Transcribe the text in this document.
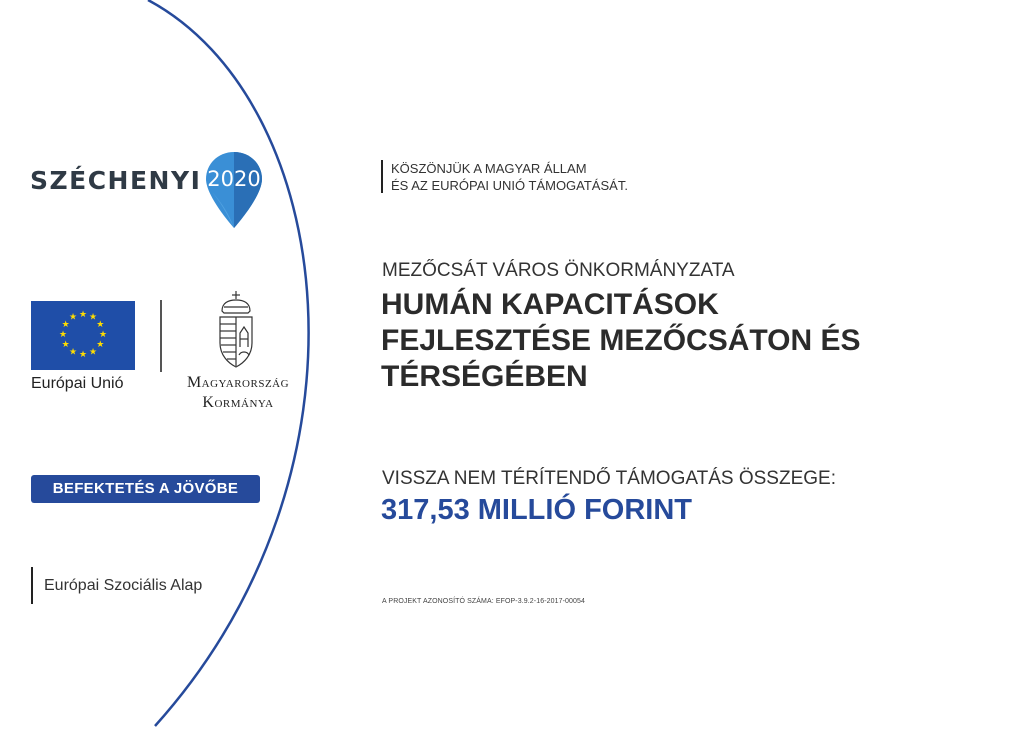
SZÉCHENYI 2020
★ ★
★
★
★
★
★
★
★
★
★
★
Európai Unió	Magyarország
Kormánya
BEFEKTETÉS A JÖVŐBE
Európai Szociális Alap
KÖSZÖNJÜK A MAGYAR ÁLLAM
ÉS AZ EURÓPAI UNIÓ TÁMOGATÁSÁT.
MEZŐCSÁT VÁROS ÖNKORMÁNYZATA
HUMÁN KAPACITÁSOK
FEJLESZTÉSE MEZŐCSÁTON ÉS
TÉRSÉGÉBEN
VISSZA NEM TÉRÍTENDŐ TÁMOGATÁS ÖSSZEGE:
317,53 MILLIÓ FORINT
A PROJEKT AZONOSÍTÓ SZÁMA: EFOP-3.9.2-16-2017-00054
